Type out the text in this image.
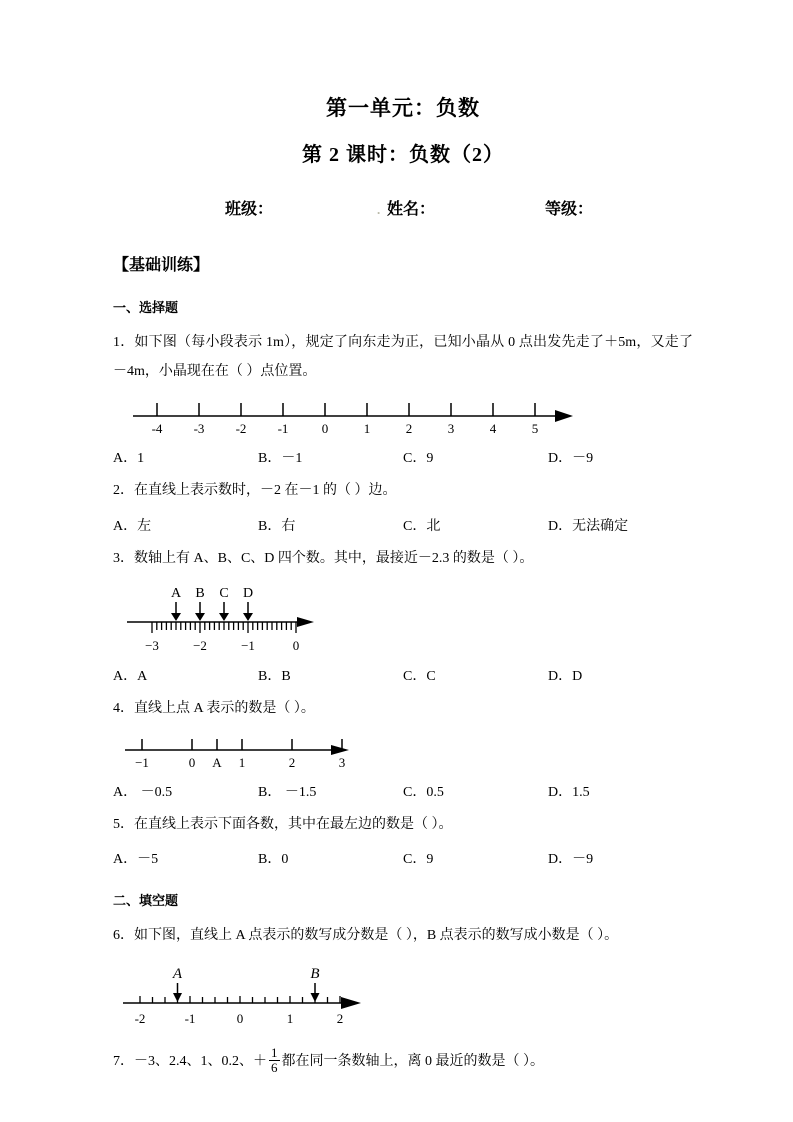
第一单元：负数
第 2 课时：负数（2）
班级：	. 姓名：	等级：
【基础训练】
一、选择题
1．如下图（每小段表示 1m），规定了向东走为正，已知小晶从 0 点出发先走了＋5m，又走了－4m，小晶现在在（ ）点位置。
-4 -3 -2 -1	0	1	2	3	4	5
A．1	B．－1	C．9	D．－9
2．在直线上表示数时，－2 在－1 的（ ）边。
A．左	B．右	C．北	D．无法确定
3．数轴上有 A、B、C、D 四个数。其中，最接近－2.3 的数是（ ）。
A B C D
−3	−2	−1	0
A．A	B．B	C．C	D．D
4．直线上点 A 表示的数是（ ）。
−1	0 A 1	2	3
A． －0.5	B． －1.5	C．0.5	D．1.5
5．在直线上表示下面各数，其中在最左边的数是（ ）。
A．－5	B．0	C．9	D．－9
二、填空题
6．如下图，直线上 A 点表示的数写成分数是（ ），B 点表示的数写成小数是（ ）。
A	B
-2	-1	0	1	2
7．－3、2.4、1、0.2、＋ $\frac{1}{6}$ 都在同一条数轴上，离 0 最近的数是（ ）。
